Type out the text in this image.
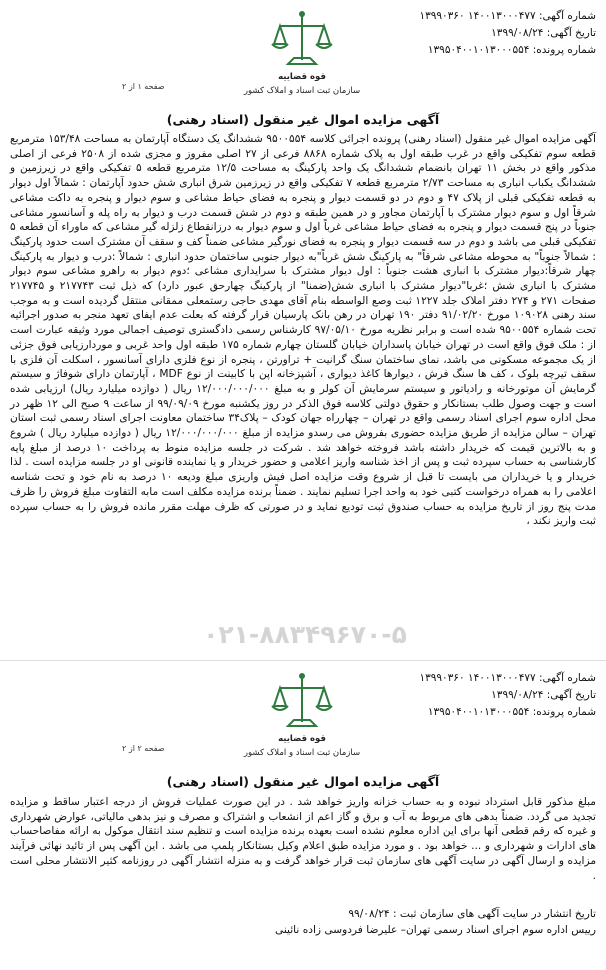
شماره آگهی: ۱۴۰۰۱۳۰۰۰۴۷۷ ۱۳۹۹۰۳۶۰
تاریخ آگهی: ۱۳۹۹/۰۸/۲۴
شماره پرونده: ۱۳۹۵۰۴۰۰۱۰۱۳۰۰۰۵۵۴
قوه قضاییه
سازمان ثبت اسناد و املاک کشور
صفحه ۱ از ۲
آگهی مزایده اموال غیر منقول (اسناد رهنی)

آگهی مزایده اموال غیر منقول (اسناد رهنی) پرونده اجرائی کلاسه ۹۵۰۰۵۵۴ ششدانگ یک دستگاه آپارتمان به مساحت ۱۵۳/۴۸ مترمربع قطعه سوم تفکیکی واقع در غرب طبقه اول به پلاک شماره ۸۸۶۸ فرعی از ۲۷ اصلی مفروز و مجزی شده از ۲۵۰۸ فرعی از اصلی مذکور واقع در بخش ۱۱ تهران بانضمام ششدانگ یک واحد پارکینگ به مساحت ۱۲/۵ مترمربع قطعه ۵ تفکیکی واقع در زیرزمین و ششدانگ یکباب انباری به مساحت ۲/۷۳ مترمربع قطعه ۷ تفکیکی واقع در زیرزمین شرق انباری شش حدود آپارتمان : شمالاً اول دیوار به قطعه تفکیکی قبلی از پلاک ۴۷ و دوم در دو قسمت دیوار و پنجره به فضای حیاط مشاعی و سوم دیوار و پنجره به داکت مشاعی شرقاً اول و سوم دیوار مشترک با آپارتمان مجاور و در همین طبقه و دوم در شش قسمت درب و دیوار به راه پله و آسانسور مشاعی جنوباً در پنج قسمت دیوار و پنجره به فضای حیاط مشاعی غرباً اول و سوم دیوار به درزانقطاع زلزله گیر مشاعی که ماوراء آن قطعه ۵ تفکیکی قبلی می باشد و دوم در سه قسمت دیوار و پنجره به فضای نورگیر مشاعی ضمناً کف و سقف آن مشترک است حدود پارکینگ : شمالاً جنوباً" به محوطه مشاعی شرقاً" به پارکینگ شش غرباً"به دیوار جنوبی ساختمان حدود انباری : شمالاً :درب و دیوار به پارکینگ چهار شرقاً:دیوار مشترک با انباری هشت جنوباً : اول دیوار مشترک با سرایداری مشاعی ؛دوم دیوار به راهرو مشاعی سوم دیوار مشترک با انباری شش ؛غربا"دیوار مشترک با انباری شش(ضمنا" از پارکینگ چهارحق عبور دارد) که ذیل ثبت ۲۱۷۷۴۳ و ۲۱۷۷۴۵ صفحات ۲۷۱ و ۲۷۴ دفتر املاک جلد ۱۲۲۷ ثبت وصع الواسطه بنام آقای مهدی حاجی رستمعلی ممقانی منتقل گردیده است و به موجب سند رهنی ۱۰۹۰۲۸ مورخ ۹۱/۰۲/۲۰ دفتر ۱۹۰ تهران در رهن بانک پارسیان قرار گرفته که بعلت عدم ایفای تعهد منجر به صدور اجرائیه تحت شماره ۹۵۰۰۵۵۴ شده است و برابر نظریه مورخ ۹۷/۰۵/۱۰ کارشناس رسمی دادگستری توصیف اجمالی مورد وثیقه عبارت است از : ملک فوق واقع است در تهران خیابان پاسداران خیابان گلستان چهارم شماره ۱۷۵ طبقه اول واحد غربی و موردارزیابی فوق جزئی از یک مجموعه مسکونی می باشد، نمای ساختمان سنگ گرانیت + تراورتن ، پنجره از نوع فلزی دارای آسانسور ، اسکلت آن فلزی با سقف تیرچه بلوک ، کف ها سنگ فرش ، دیوارها کاغذ دیواری ، آشپزخانه اپن با کابینت از نوع MDF ، آپارتمان دارای شوفاژ و سیستم گرمایش آن موتورخانه و رادیاتور و سیستم سرمایش آن کولر و به مبلغ ۱۲/۰۰۰/۰۰۰/۰۰۰ ریال ( دوازده میلیارد ریال) ارزیابی شده است و جهت وصول طلب بستانکار و حقوق دولتی کلاسه فوق الذکر در روز یکشنبه مورخ ۹۹/۰۹/۰۹ از ساعت ۹ صبح الی ۱۲ ظهر در محل اداره سوم اجرای اسناد رسمی واقع در تهران – چهارراه جهان کودک – پلاک۳۴ ساختمان معاونت اجرای اسناد رسمی ثبت استان تهران – سالن مزایده از طریق مزایده حضوری بفروش می رسدو مزایده از مبلغ ۱۲/۰۰۰/۰۰۰/۰۰۰ ریال ( دوازده میلیارد ریال ) شروع و به بالاترین قیمت که خریدار داشته باشد فروخته خواهد شد . شرکت در جلسه مزایده منوط به پرداخت ۱۰ درصد از مبلغ پایه کارشناسی به حساب سپرده ثبت و پس از اخذ شناسه واریز اعلامی و حضور خریدار و یا نماینده قانونی او در جلسه مزایده است . لذا خریدار و یا خریداران می بایست تا قبل از شروع وقت مزایده اصل فیش واریزی مبلغ ودیعه ۱۰ درصد به نام خود و تحت شناسه اعلامی را به همراه درخواست کتبی خود به واحد اجرا تسلیم نمایند . ضمناً برنده مزایده مکلف است مابه التفاوت مبلغ فروش را ظرف مدت پنج روز از تاریخ مزایده به حساب صندوق ثبت تودیع نماید و در صورتی که ظرف مهلت مقرر مانده فروش را به حساب سپرده ثبت واریز نکند ،

۰۲۱-۸۸۳۴۹۶۷۰-۵
شماره آگهی: ۱۴۰۰۱۳۰۰۰۴۷۷ ۱۳۹۹۰۳۶۰
تاریخ آگهی: ۱۳۹۹/۰۸/۲۴
شماره پرونده: ۱۳۹۵۰۴۰۰۱۰۱۳۰۰۰۵۵۴
قوه قضاییه
سازمان ثبت اسناد و املاک کشور
صفحه ۲ از ۲
آگهی مزایده اموال غیر منقول (اسناد رهنی)

مبلغ مذکور قابل استرداد نبوده و به حساب خزانه واریز خواهد شد . در این صورت عملیات فروش از درجه اعتبار ساقط و مزایده تجدید می گردد. ضمناً بدهی های مربوط به آب و برق و گاز اعم از انشعاب و اشتراک و مصرف و نیز بدهی مالیاتی، عوارض شهرداری و غیره که رقم قطعی آنها برای این اداره معلوم نشده است بعهده برنده مزایده است و تنظیم سند انتقال موکول به ارائه مفاصاحساب های ادارات و شهرداری و ... خواهد بود . و مورد مزایده طبق اعلام وکیل بستانکار پلمپ می باشد . این آگهی پس از تائید نهائی فرآیند مزایده و ارسال آگهی در سایت آگهی های سازمان ثبت قرار خواهد گرفت و به منزله انتشار آگهی در روزنامه کثیر الانتشار محلی است .

تاریخ انتشار در سایت آگهی های سازمان ثبت : ۹۹/۰۸/۲۴
رییس اداره سوم اجرای اسناد رسمی تهران– علیرضا فردوسی زاده نائینی
